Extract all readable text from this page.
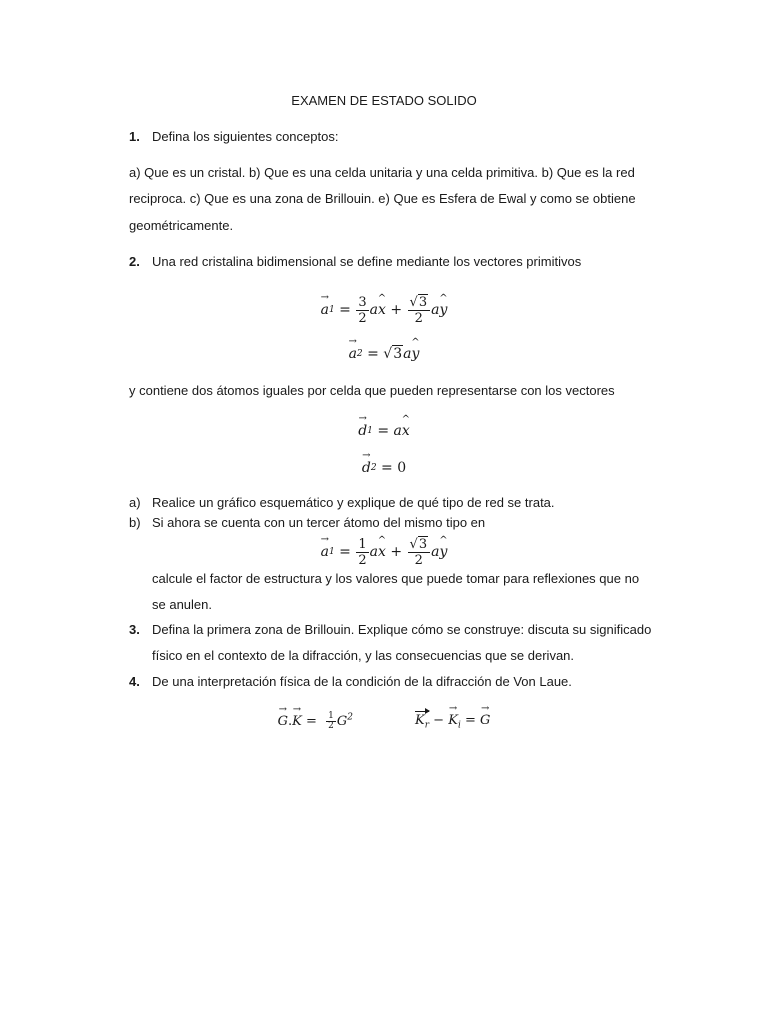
EXAMEN DE ESTADO SOLIDO
1. Defina los siguientes conceptos:
a) Que es un cristal. b) Que es una celda unitaria y una celda primitiva. b) Que es la red
reciproca. c) Que es una zona de Brillouin. e) Que es Esfera de Ewal y como se obtiene
geométricamente.
2. Una red cristalina bidimensional se define mediante los vectores primitivos
→ a 1
=
$\frac{3}{2}$ a ^ x
+
$\frac{√3}{2}$ a ^ y
→ a 2
=
√3 a ^ y
y contiene dos átomos iguales por celda que pueden representarse con los vectores
→ d 1
= a ^ x
→ d 2
=
0
a) Realice un gráfico esquemático y explique de qué tipo de red se trata.
b) Si ahora se cuenta con un tercer átomo del mismo tipo en
→ a 1
=
$\frac{1}{2}$ a ^ x
+
$\frac{√3}{2}$ a ^ y
calcule el factor de estructura y los valores que puede tomar para reflexiones que no
se anulen.
3. Defina la primera zona de Brillouin. Explique cómo se construye: discuta su significado
físico en el contexto de la difracción, y las consecuencias que se derivan.
4. De una interpretación física de la condición de la difracción de Von Laue.
→ $G.\to K = \frac{1}{2} G^2$	$K_r$ − → $K_i$ = → G
